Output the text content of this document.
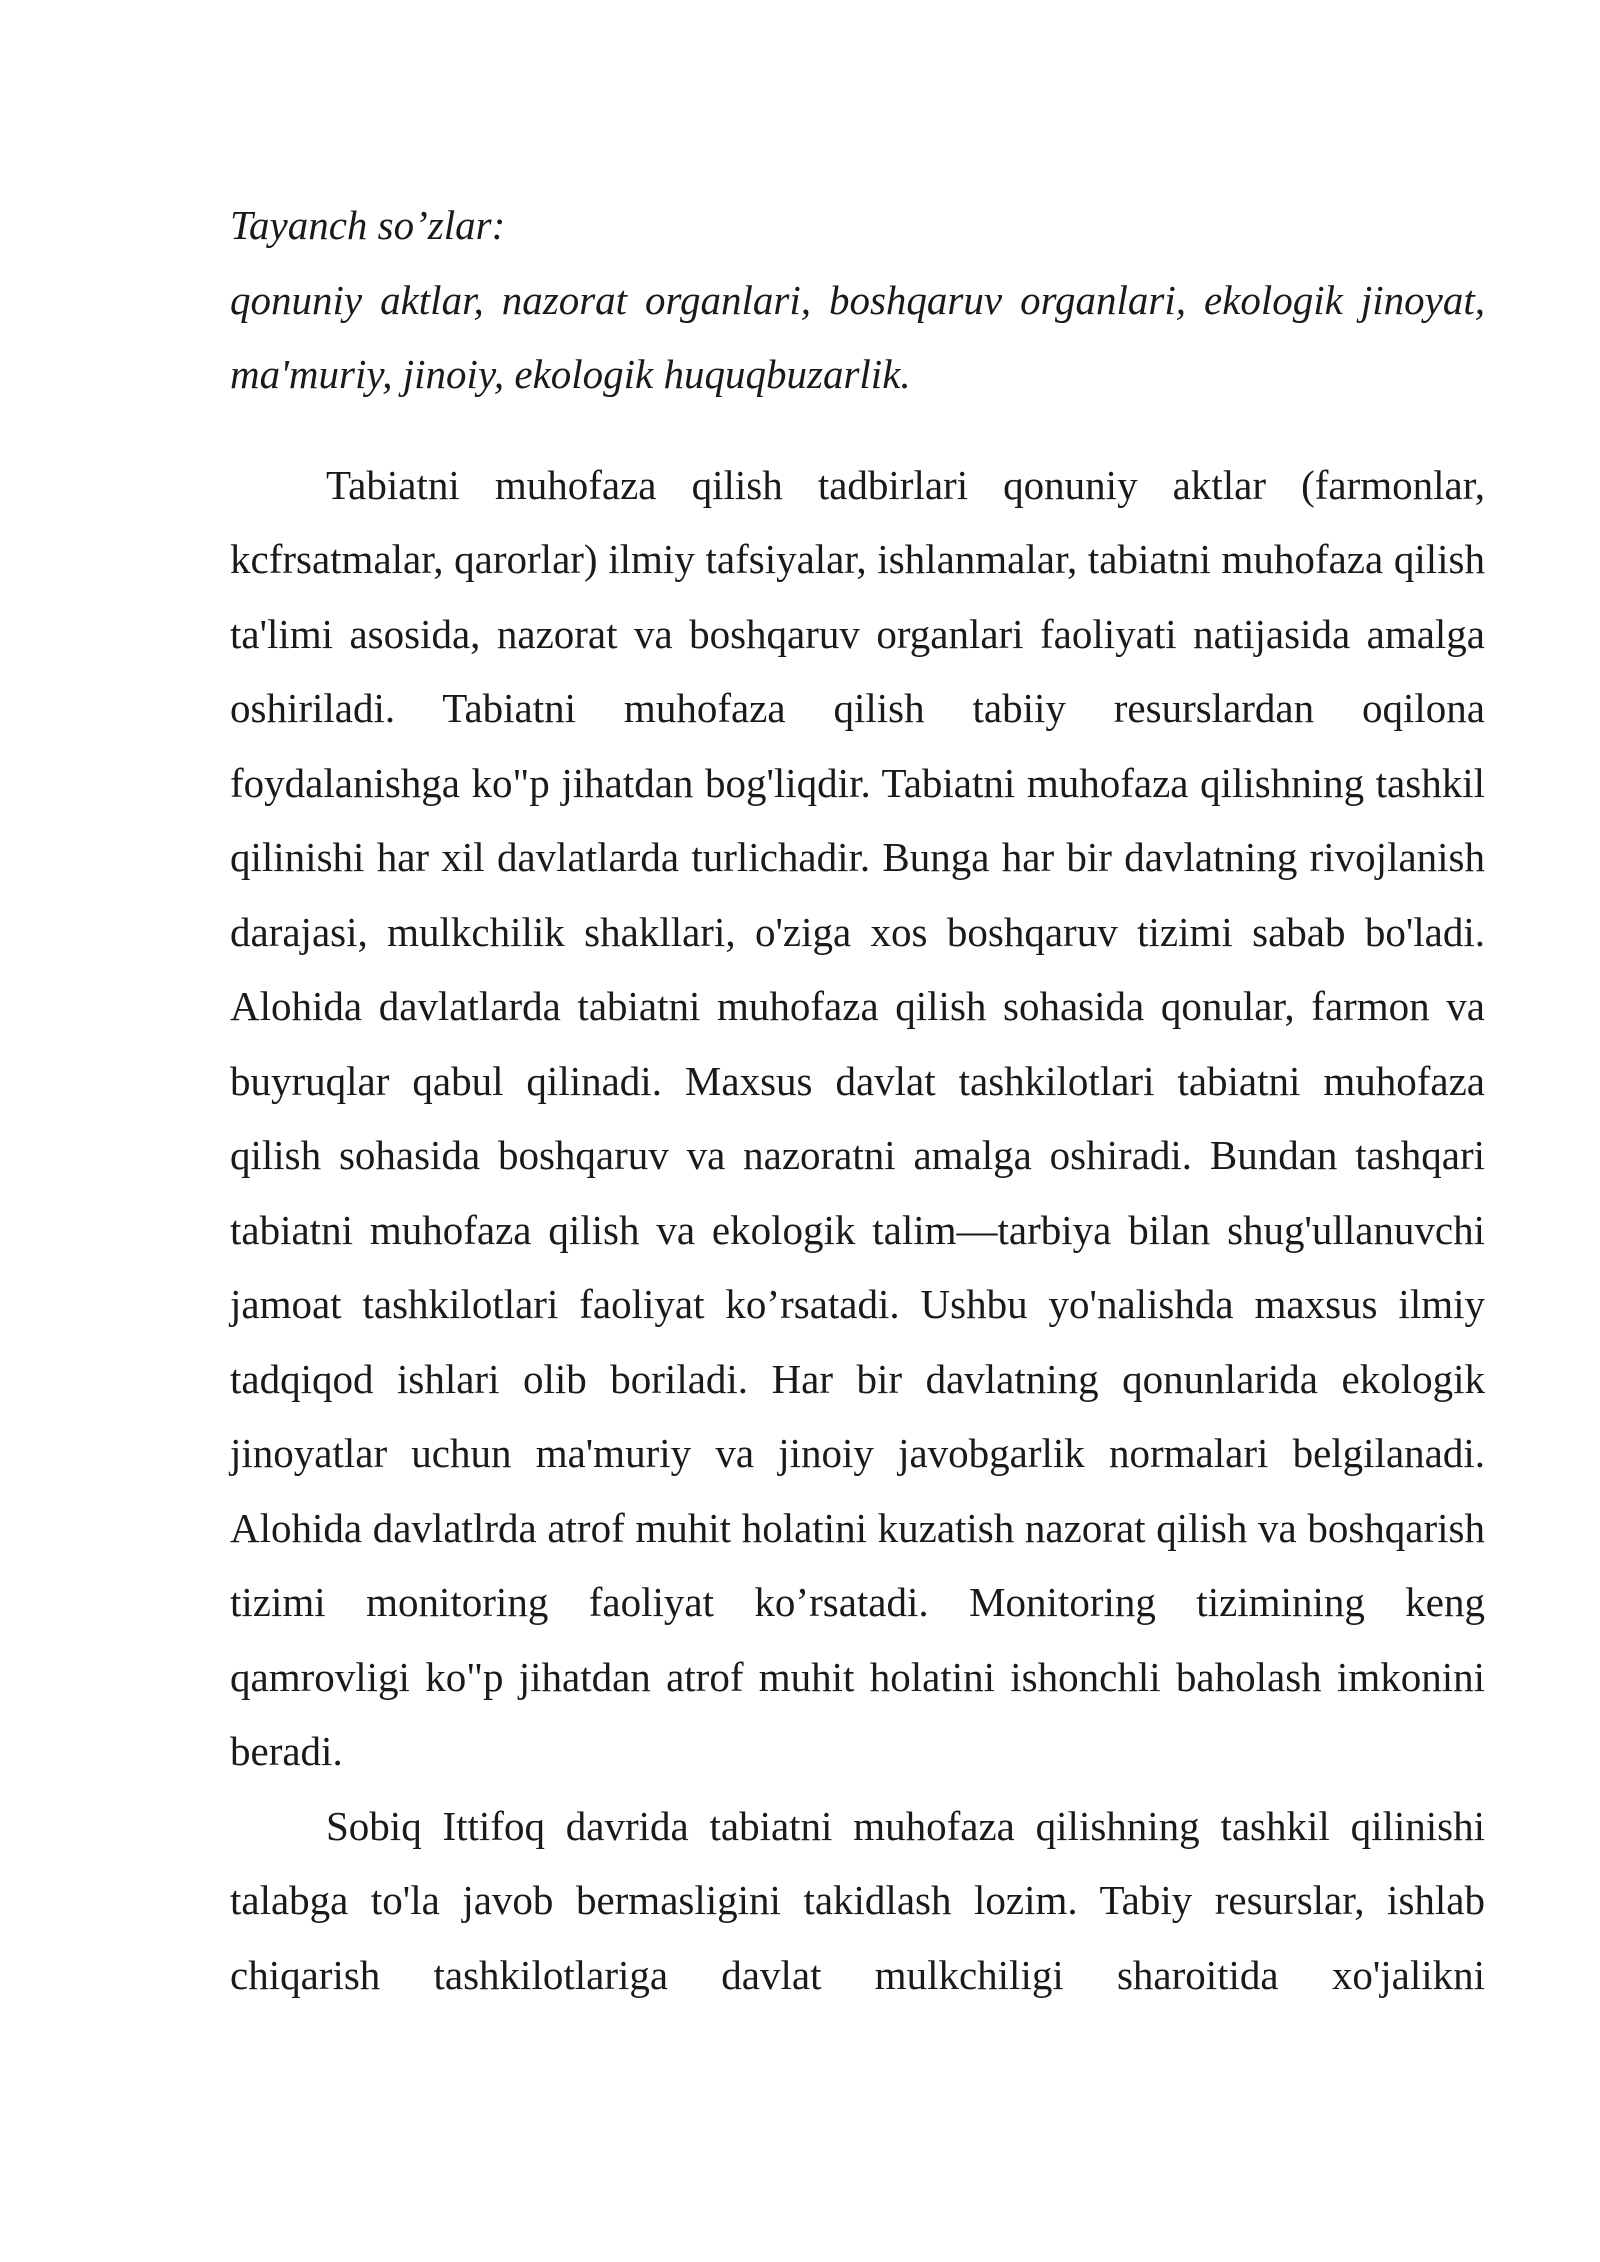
Tayanch so’zlar:

qonuniy aktlar, nazorat organlari, boshqaruv organlari, ekologik jinoyat, ma'muriy, jinoiy, ekologik huquqbuzarlik.

Tabiatni muhofaza qilish tadbirlari qonuniy aktlar (farmonlar, kcfrsatmalar, qarorlar) ilmiy tafsiyalar, ishlanmalar, tabiatni muhofaza qilish ta'limi asosida, nazorat va boshqaruv organlari faoliyati natijasida amalga oshiriladi. Tabiatni muhofaza qilish tabiiy resurslardan oqilona foydalanishga ko"p jihatdan bog'liqdir. Tabiatni muhofaza qilishning tashkil qilinishi har xil davlatlarda turlichadir. Bunga har bir davlatning rivojlanish darajasi, mulkchilik shakllari, o'ziga xos boshqaruv tizimi sabab bo'ladi. Alohida davlatlarda tabiatni muhofaza qilish sohasida qonular, farmon va buyruqlar qabul qilinadi. Maxsus davlat tashkilotlari tabiatni muhofaza qilish sohasida boshqaruv va nazoratni amalga oshiradi. Bundan tashqari tabiatni muhofaza qilish va ekologik talim—tarbiya bilan shug'ullanuvchi jamoat tashkilotlari faoliyat ko’rsatadi. Ushbu yo'nalishda maxsus ilmiy tadqiqod ishlari olib boriladi. Har bir davlatning qonunlarida ekologik jinoyatlar uchun ma'muriy va jinoiy javobgarlik normalari belgilanadi. Alohida davlatlrda atrof muhit holatini kuzatish nazorat qilish va boshqarish tizimi monitoring faoliyat ko’rsatadi. Monitoring tizimining keng qamrovligi ko"p jihatdan atrof muhit holatini ishonchli baholash imkonini beradi.

Sobiq Ittifoq davrida tabiatni muhofaza qilishning tashkil qilinishi talabga to'la javob bermasligini takidlash lozim. Tabiy resurslar, ishlab chiqarish tashkilotlariga davlat mulkchiligi sharoitida xo'jalikni
